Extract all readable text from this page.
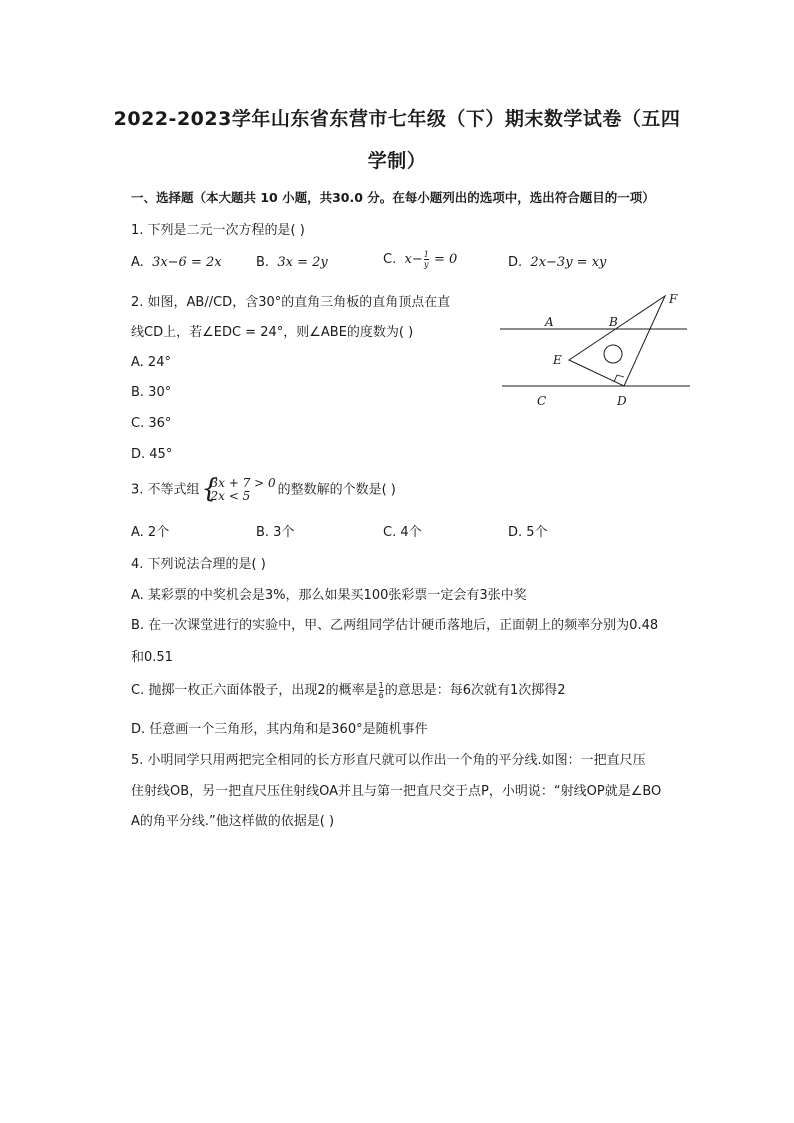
2022-2023学年山东省东营市七年级（下）期末数学试卷（五四
学制）
一、选择题（本大题共 10 小题，共30.0 分。在每小题列出的选项中，选出符合题目的一项）
1. 下列是二元一次方程的是( )
A. 3x−6 = 2x	B. 3x = 2y	C. $x-\frac{1}{y} = 0$	D. 2x−3y = xy
2. 如图，AB//CD，含30°的直角三角板的直角顶点在直
线CD上，若∠EDC = 24°，则∠ABE的度数为( )
A. 24°
B. 30°
C. 36°
D. 45°
A	B
F
E
C	D
3. 不等式组 {
3x + 7 > 0
2x < 5	的整数解的个数是( )
A. 2个	B. 3个	C. 4个	D. 5个
4. 下列说法合理的是( )
A. 某彩票的中奖机会是3%，那么如果买100张彩票一定会有3张中奖
B. 在一次课堂进行的实验中，甲、乙两组同学估计硬币落地后，正面朝上的频率分别为0.48
和0.51
C. 抛掷一枚正六面体骰子，出现2的概率是$\frac{1}{6}$ 的意思是：每6次就有1次掷得2
D. 任意画一个三角形，其内角和是360°是随机事件
5. 小明同学只用两把完全相同的长方形直尺就可以作出一个角的平分线.如图：一把直尺压
住射线OB，另一把直尺压住射线OA并且与第一把直尺交于点P，小明说：“射线OP就是∠BO
A的角平分线.”他这样做的依据是( )
